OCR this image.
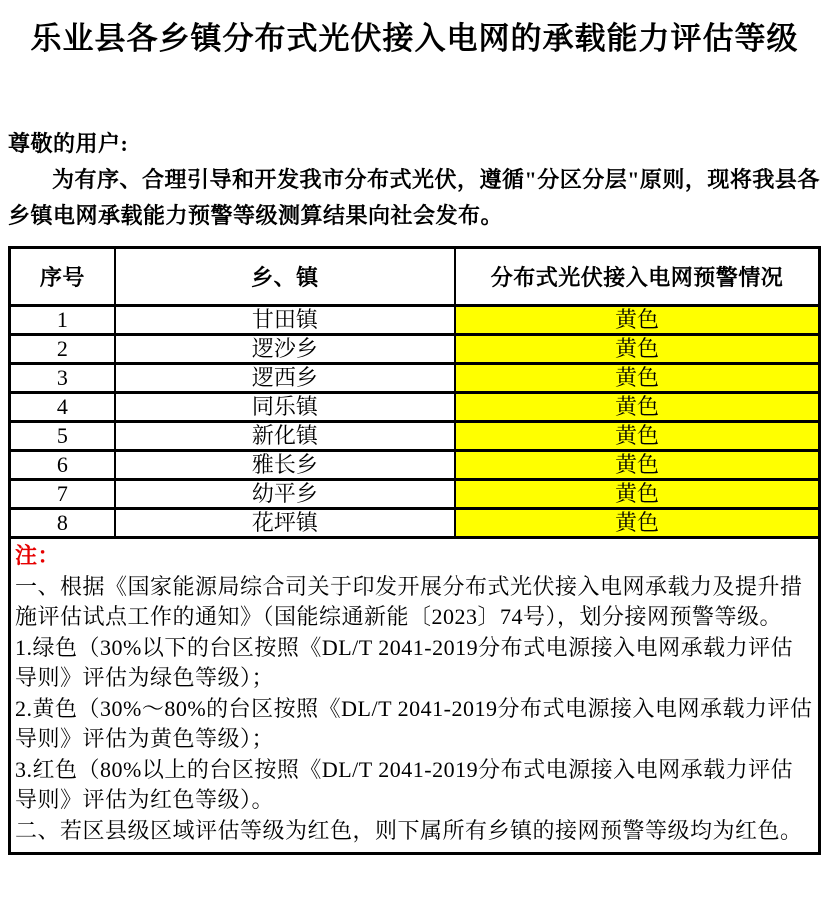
乐业县各乡镇分布式光伏接入电网的承载能力评估等级

尊敬的用户:

为有序、合理引导和开发我市分布式光伏，遵循"分区分层"原则，现将我县各乡镇电网承载能力预警等级测算结果向社会发布。

序号	乡、镇	分布式光伏接入电网预警情况
1	甘田镇	黄色
2	逻沙乡	黄色
3	逻西乡	黄色
4	同乐镇	黄色
5	新化镇	黄色
6	雅长乡	黄色
7	幼平乡	黄色
8	花坪镇	黄色

注：

一、根据《国家能源局综合司关于印发开展分布式光伏接入电网承载力及提升措施评估试点工作的通知》（国能综通新能〔2023〕74号），划分接网预警等级。

1.绿色（30%以下的台区按照《DL/T 2041-2019分布式电源接入电网承载力评估导则》评估为绿色等级）；

2.黄色（30%～80%的台区按照《DL/T 2041-2019分布式电源接入电网承载力评估导则》评估为黄色等级）；

3.红色（80%以上的台区按照《DL/T 2041-2019分布式电源接入电网承载力评估导则》评估为红色等级）。

二、若区县级区域评估等级为红色，则下属所有乡镇的接网预警等级均为红色。
